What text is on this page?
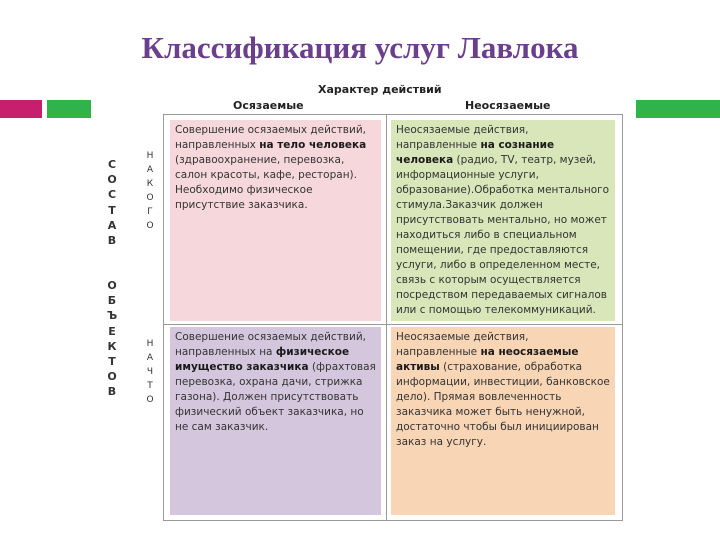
Классификация услуг Лавлока
Характер действий
Осязаемые	Неосязаемые
С
О
С
Т
А
В
О
Б
Ъ
Е
К
Т
О
В
Н
А
К
О
Г
О
Н
А
Ч
Т
О
Совершение осязаемых действий, направленных на тело человека (здравоохранение, перевозка, салон красоты, кафе, ресторан). Необходимо физическое присутствие заказчика.
Неосязаемые действия, направленные на сознание человека (радио, TV, театр, музей, информационные услуги, образование).Обработка ментального стимула.Заказчик должен присутствовать ментально, но может находиться либо в специальном помещении, где предоставляются услуги, либо в определенном месте, связь с которым осуществляется посредством передаваемых сигналов или с помощью телекоммуникаций.
Совершение осязаемых действий, направленных на физическое имущество заказчика (фрахтовая перевозка, охрана дачи, стрижка газона). Должен присутствовать физический объект заказчика, но не сам заказчик.
Неосязаемые действия, направленные на неосязаемые активы (страхование, обработка информации, инвестиции, банковское дело). Прямая вовлеченность заказчика может быть ненужной, достаточно чтобы был инициирован заказ на услугу.
